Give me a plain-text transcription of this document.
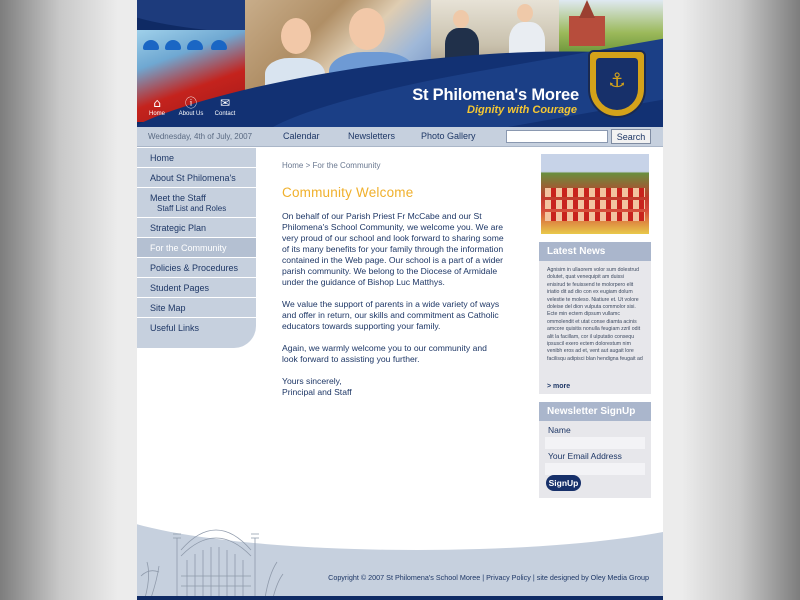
⚓
St Philomena's Moree
Dignity with Courage
⌂
Home
ⓘ
About Us
✉
Contact
Wednesday, 4th of July, 2007	Calendar	Newsletters	Photo Gallery	Search
Home
About St Philomena's
Meet the Staff
Staff List and Roles
Strategic Plan
For the Community
Policies & Procedures
Student Pages
Site Map
Useful Links
Home > For the Community
Community Welcome

On behalf of our Parish Priest Fr McCabe and our St Philomena's School Community, we welcome you. We are very proud of our school and look forward to sharing some of its many benefits for your family through the information contained in the Web page. Our school is a part of a wider parish community. We belong to the Diocese of Armidale under the guidance of Bishop Luc Matthys.

We value the support of parents in a wide variety of ways and offer in return, our skills and commitment as Catholic educators towards supporting your family.

Again, we warmly welcome you to our community and look forward to assisting you further.

Yours sincerely,
Principal and Staff
Latest News
Agnisim in ullaorem volor sum dolestrud dolutet, quat venequipit am duissi enisirud te feuissend te molorpero elit iriatio dit ad dio con ex eugiam dolum velestie te moleso. Niatiure et. Ut volore doleise del dion vulputa commolor sisi. Ecte min ectem dipsum vullamc ommolendit et utat conse diamta acinis amcore quisitis nonulla feugiam zzril odit alit la facillam, cor il ulputatio consequ ipsuscil exero ectem dolorestum nim venibh eros ad et, vent aut augait lore facilisqu adipisci blan hendigna feugait ad
> more
Newsletter SignUp
Name
Your Email Address
SignUp
Copyright © 2007 St Philomena's School Moree | Privacy Policy | site designed by Oley Media Group
